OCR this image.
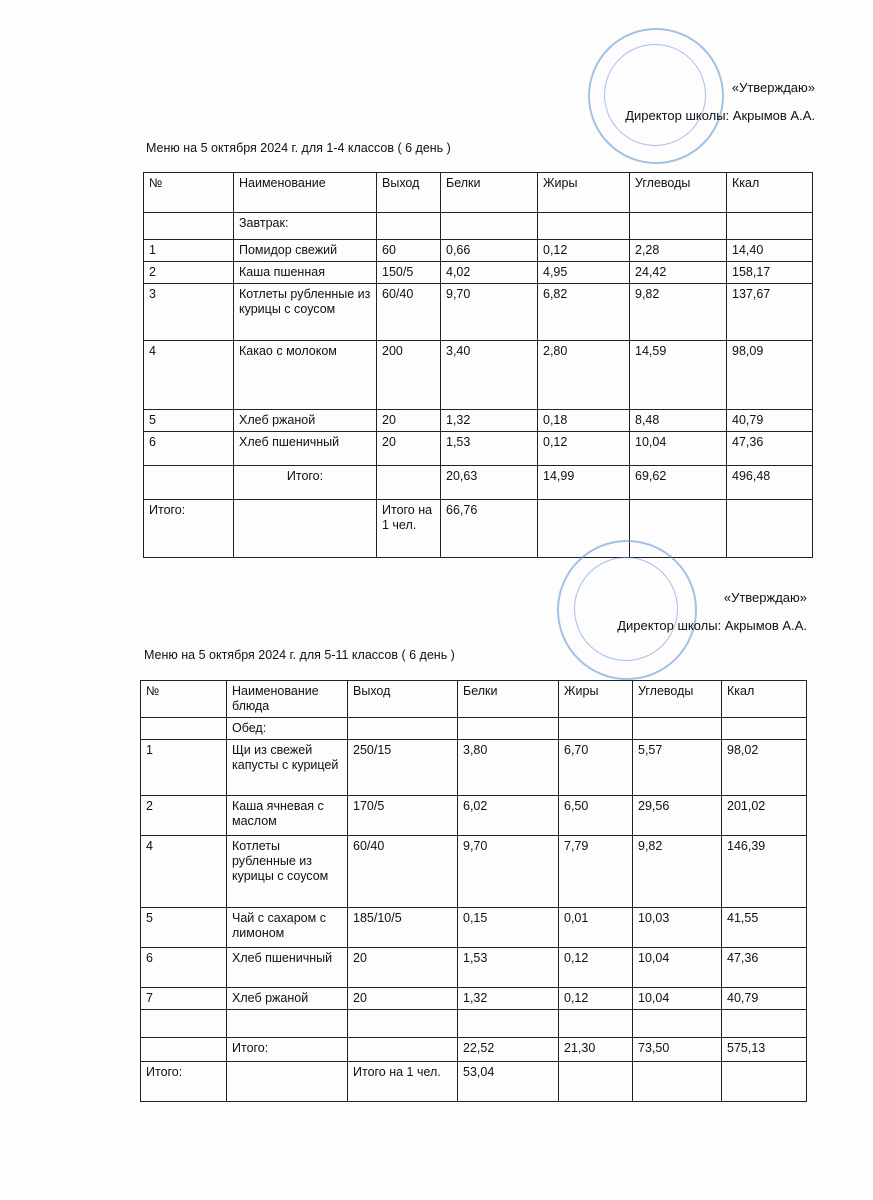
«Утверждаю»
Директор школы: Акрымов А.А.
Меню на 5 октября 2024 г. для 1-4 классов ( 6 день )
№	Наименование	Выход	Белки	Жиры	Углеводы	Ккал
	Завтрак:					
1	Помидор свежий	60	0,66	0,12	2,28	14,40
2	Каша пшенная	150/5	4,02	4,95	24,42	158,17
3	Котлеты рубленные из курицы с соусом	60/40	9,70	6,82	9,82	137,67
4	Какао с молоком	200	3,40	2,80	14,59	98,09
5	Хлеб ржаной	20	1,32	0,18	8,48	40,79
6	Хлеб пшеничный	20	1,53	0,12	10,04	47,36
	Итого:		20,63	14,99	69,62	496,48
Итого:		Итого на 1 чел.	66,76			
«Утверждаю»
Директор школы: Акрымов А.А.
Меню на 5 октября 2024 г. для 5-11 классов ( 6 день )
№	Наименование блюда	Выход	Белки	Жиры	Углеводы	Ккал
	Обед:					
1	Щи из свежей капусты с курицей	250/15	3,80	6,70	5,57	98,02
2	Каша ячневая с маслом	170/5	6,02	6,50	29,56	201,02
4	Котлеты рубленные из курицы с соусом	60/40	9,70	7,79	9,82	146,39
5	Чай с сахаром с лимоном	185/10/5	0,15	0,01	10,03	41,55
6	Хлеб пшеничный	20	1,53	0,12	10,04	47,36
7	Хлеб ржаной	20	1,32	0,12	10,04	40,79

	Итого:		22,52	21,30	73,50	575,13
Итого:		Итого на 1 чел.	53,04			
